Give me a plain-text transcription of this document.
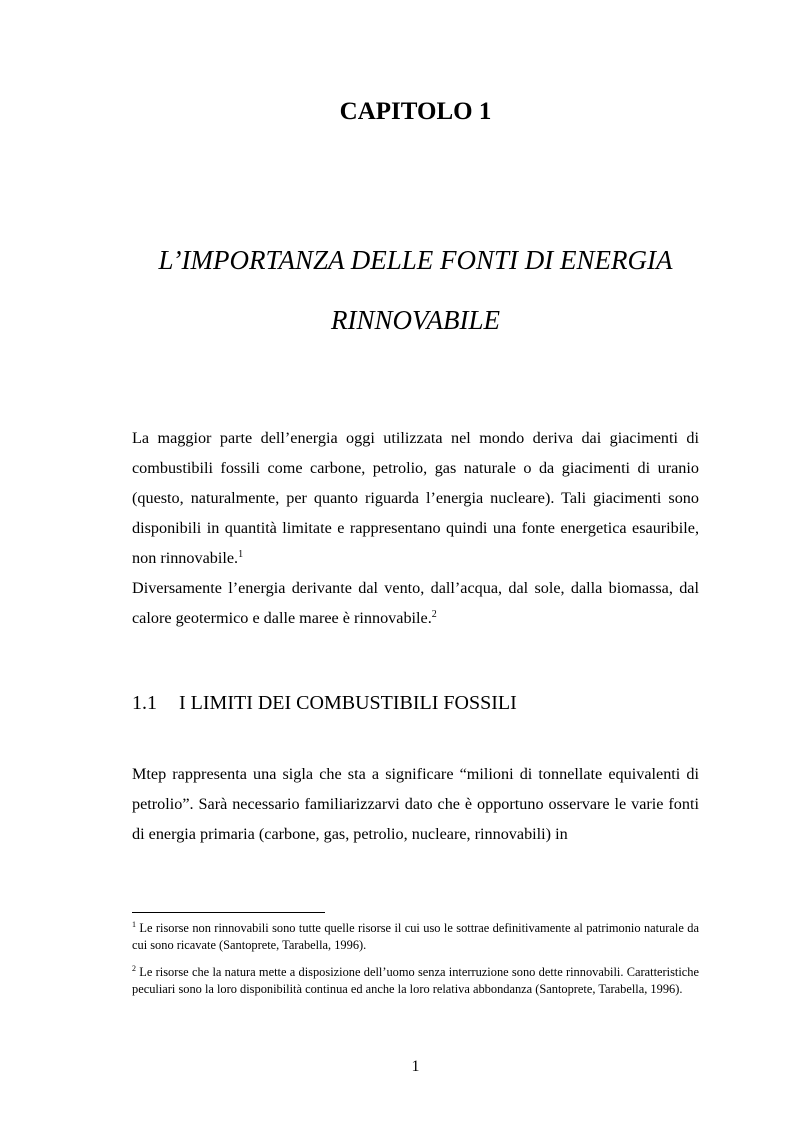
CAPITOLO 1
L’IMPORTANZA DELLE FONTI DI ENERGIA
RINNOVABILE

La maggior parte dell’energia oggi utilizzata nel mondo deriva dai giacimenti di combustibili fossili come carbone, petrolio, gas naturale o da giacimenti di uranio (questo, naturalmente, per quanto riguarda l’energia nucleare). Tali giacimenti sono disponibili in quantità limitate e rappresentano quindi una fonte energetica esauribile, non rinnovabile.$^1$

Diversamente l’energia derivante dal vento, dall’acqua, dal sole, dalla biomassa, dal calore geotermico e dalle maree è rinnovabile.$^2$

1.1 I LIMITI DEI COMBUSTIBILI FOSSILI

Mtep rappresenta una sigla che sta a significare “milioni di tonnellate equivalenti di petrolio”. Sarà necessario familiarizzarvi dato che è opportuno osservare le varie fonti di energia primaria (carbone, gas, petrolio, nucleare, rinnovabili) in

$^1$ Le risorse non rinnovabili sono tutte quelle risorse il cui uso le sottrae definitivamente al patrimonio naturale da cui sono ricavate (Santoprete, Tarabella, 1996).

$^2$ Le risorse che la natura mette a disposizione dell’uomo senza interruzione sono dette rinnovabili. Caratteristiche peculiari sono la loro disponibilità continua ed anche la loro relativa abbondanza (Santoprete, Tarabella, 1996).

1
